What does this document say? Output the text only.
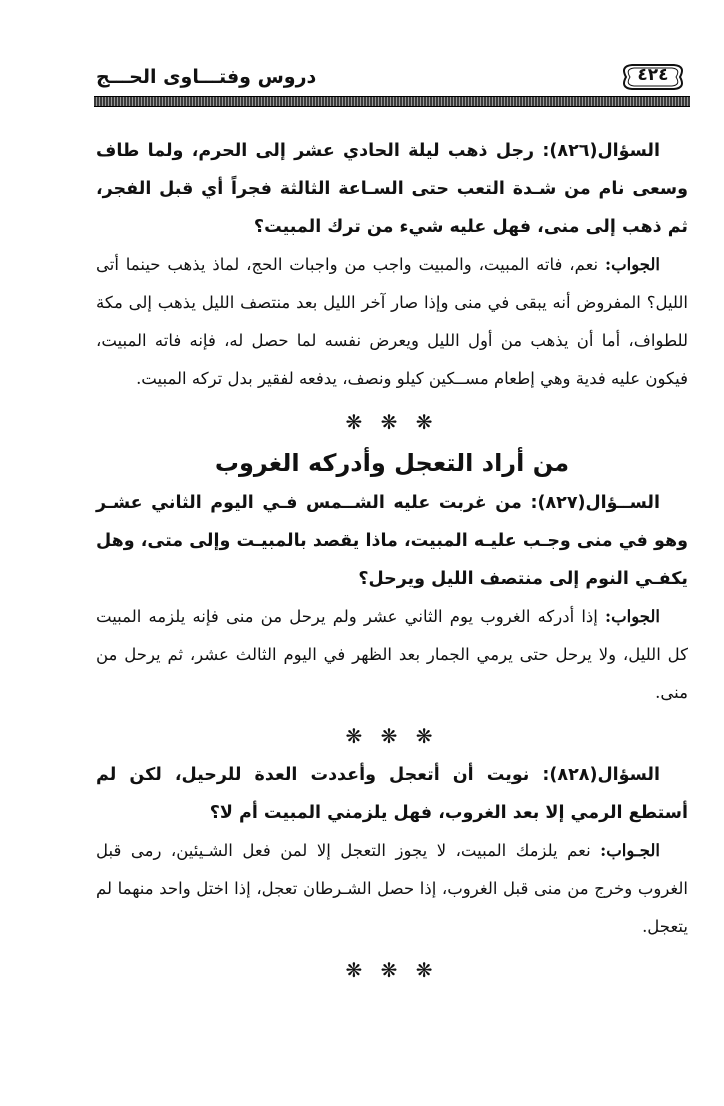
دروس وفتـــاوى الحـــج	٤٢٤

السؤال(٨٢٦): رجل ذهب ليلة الحادي عشر إلى الحرم، ولما طاف وسعى نام من شـدة التعب حتى السـاعة الثالثة فجراً أي قبل الفجر، ثم ذهب إلى منى، فهل عليه شيء من ترك المبيت؟

الجواب: نعم، فاته المبيت، والمبيت واجب من واجبات الحج، لماذ يذهب حينما أتى الليل؟ المفروض أنه يبقى في منى وإذا صار آخر الليل بعد منتصف الليل يذهب إلى مكة للطواف، أما أن يذهب من أول الليل ويعرض نفسه لما حصل له، فإنه فاته المبيت، فيكون عليه فدية وهي إطعام مســكين كيلو ونصف، يدفعه لفقير بدل تركه المبيت.

❋ ❋ ❋
من أراد التعجل وأدركه الغروب

الســؤال(٨٢٧): من غربت عليه الشــمس فـي اليوم الثاني عشـر وهو في منى وجـب عليـه المبيت، ماذا يقصد بالمبيـت وإلى متى، وهل يكفـي النوم إلى منتصف الليل ويرحل؟

الجواب: إذا أدركه الغروب يوم الثاني عشر ولم يرحل من منى فإنه يلزمه المبيت كل الليل، ولا يرحل حتى يرمي الجمار بعد الظهر في اليوم الثالث عشر، ثم يرحل من منى.

❋ ❋ ❋

السؤال(٨٢٨): نويت أن أتعجل وأعددت العدة للرحيل، لكن لم أستطع الرمي إلا بعد الغروب، فهل يلزمني المبيت أم لا؟

الجـواب: نعم يلزمك المبيت، لا يجوز التعجل إلا لمن فعل الشـيئين، رمى قبل الغروب وخرج من منى قبل الغروب، إذا حصل الشـرطان تعجل، إذا اختل واحد منهما لم يتعجل.

❋ ❋ ❋
